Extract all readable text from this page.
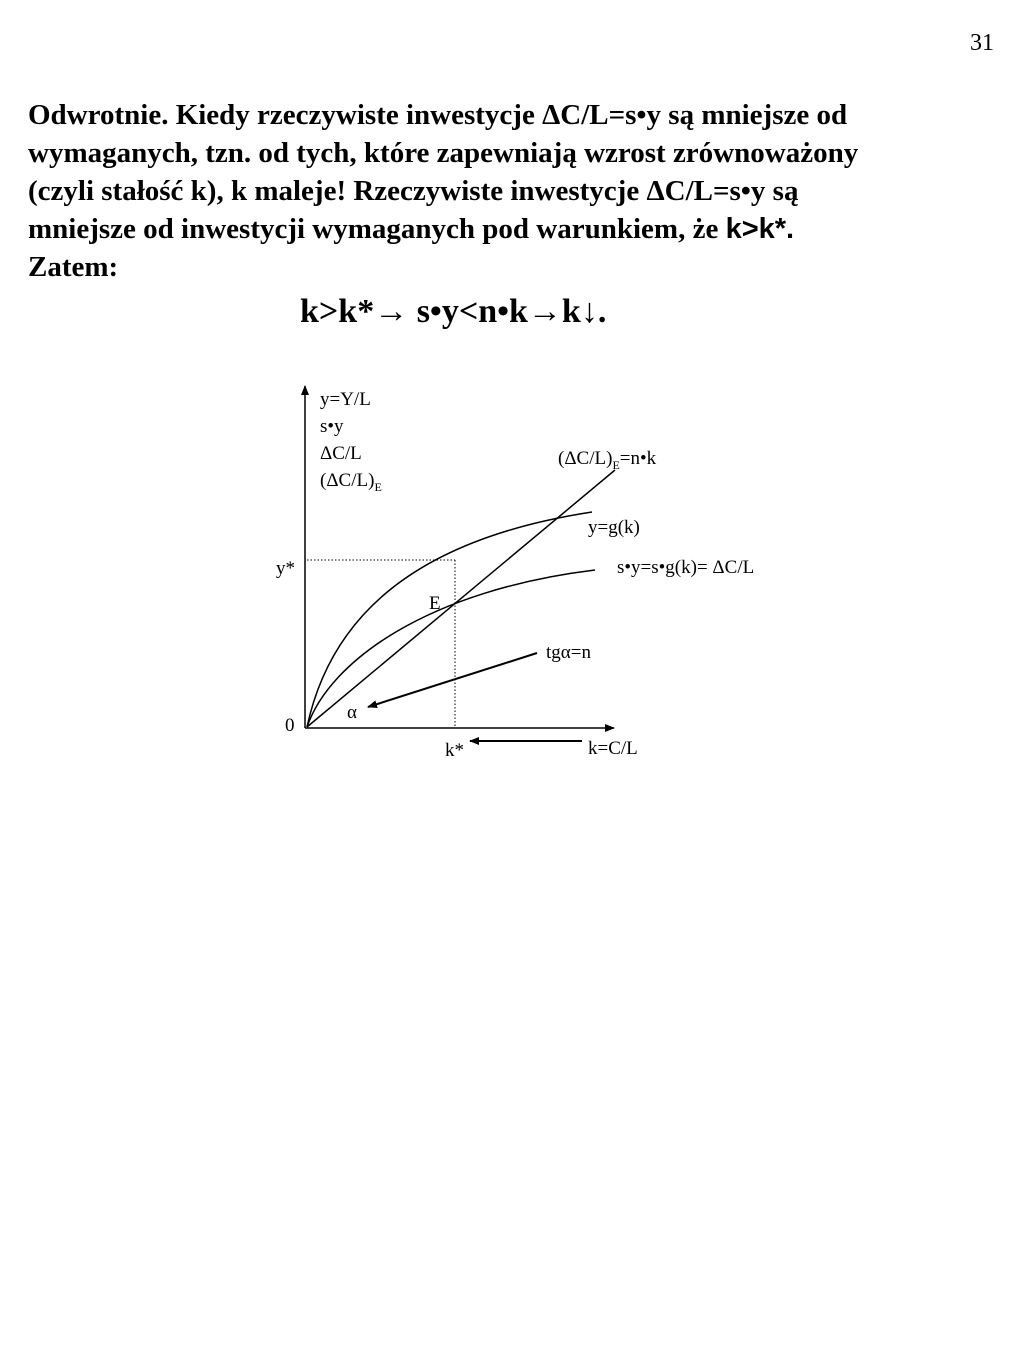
31
Odwrotnie. Kiedy rzeczywiste inwestycje ΔC/L=s•y są mniejsze od
wymaganych, tzn. od tych, które zapewniają wzrost zrównoważony
(czyli stałość k), k maleje! Rzeczywiste inwestycje ΔC/L=s•y są
mniejsze od inwestycji wymaganych pod warunkiem, że k>k*.
Zatem:
k>k*→ s•y<n•k→k↓.
y=Y/L
s•y
ΔC/L
$(\Delta C/L)_E$
$(\Delta C/L)_E=n•k$
y=g(k)
s•y=s•g(k)= ΔC/L
y*
E
tgα=n
α
0
k*	k=C/L
